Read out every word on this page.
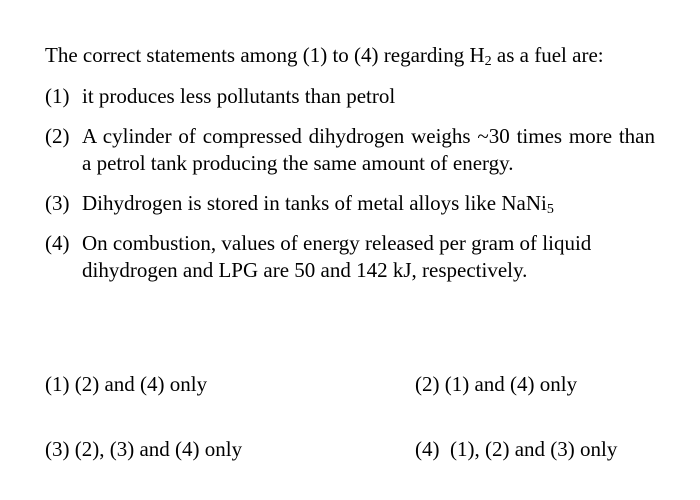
The correct statements among (1) to (4) regarding $H_2$ as a fuel are:

(1) it produces less pollutants than petrol
(2) A cylinder of compressed dihydrogen weighs ~30 times more than a petrol tank producing the same amount of energy.
(3) Dihydrogen is stored in tanks of metal alloys like NaNi$_5$
(4) On combustion, values of energy released per gram of liquid dihydrogen and LPG are 50 and 142 kJ, respectively.
(1) (2) and (4) only	(2) (1) and (4) only
(3) (2), (3) and (4) only	(4) (1), (2) and (3) only
